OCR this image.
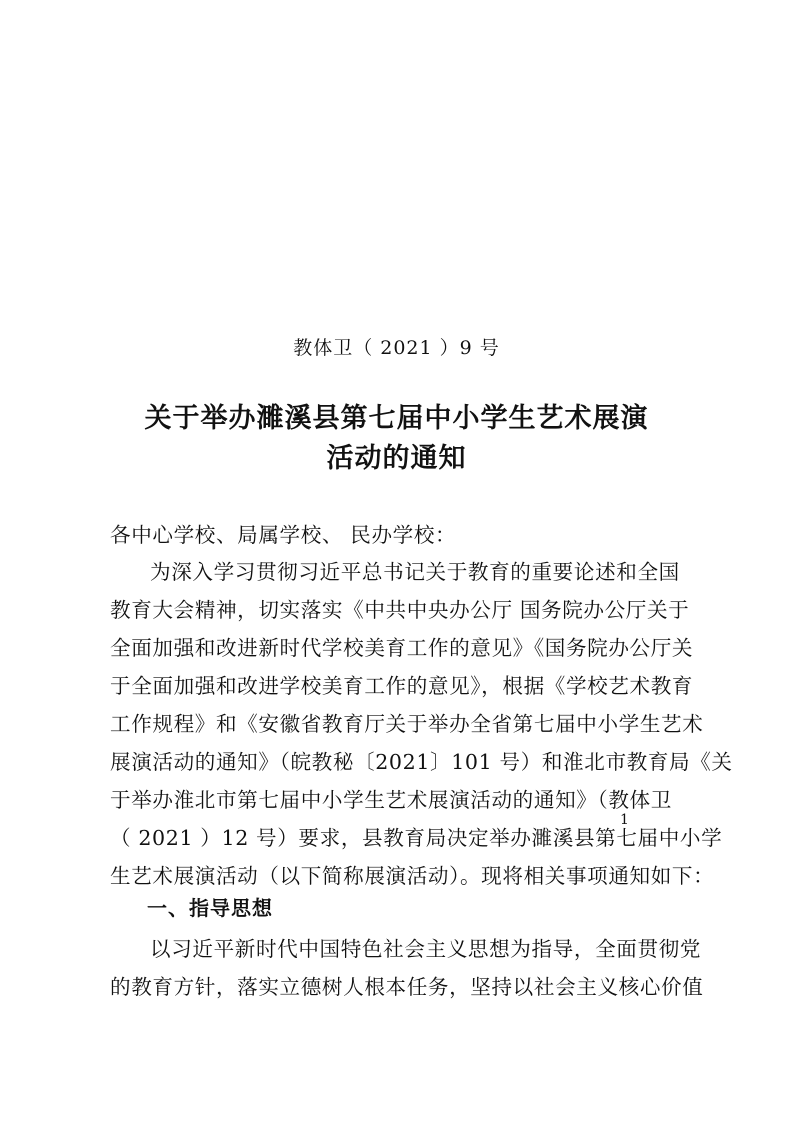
教体卫（ 2021 ）9 号
关于举办濉溪县第七届中小学生艺术展演
活动的通知
各中心学校、局属学校、 民办学校：
为深入学习贯彻习近平总书记关于教育的重要论述和全国
教育大会精神，切实落实《中共中央办公厅 国务院办公厅关于
全面加强和改进新时代学校美育工作的意见》《国务院办公厅关
于全面加强和改进学校美育工作的意见》，根据《学校艺术教育
工作规程》和《安徽省教育厅关于举办全省第七届中小学生艺术
展演活动的通知》（皖教秘〔2021〕101 号）和淮北市教育局《关
于举办淮北市第七届中小学生艺术展演活动的通知》（教体卫
（ 2021 ）12 号）要求，县教育局决定举办濉溪县第七届中小学
生艺术展演活动（以下简称展演活动）。现将相关事项通知如下：
1
一、指导思想
以习近平新时代中国特色社会主义思想为指导，全面贯彻党
的教育方针，落实立德树人根本任务，坚持以社会主义核心价值
